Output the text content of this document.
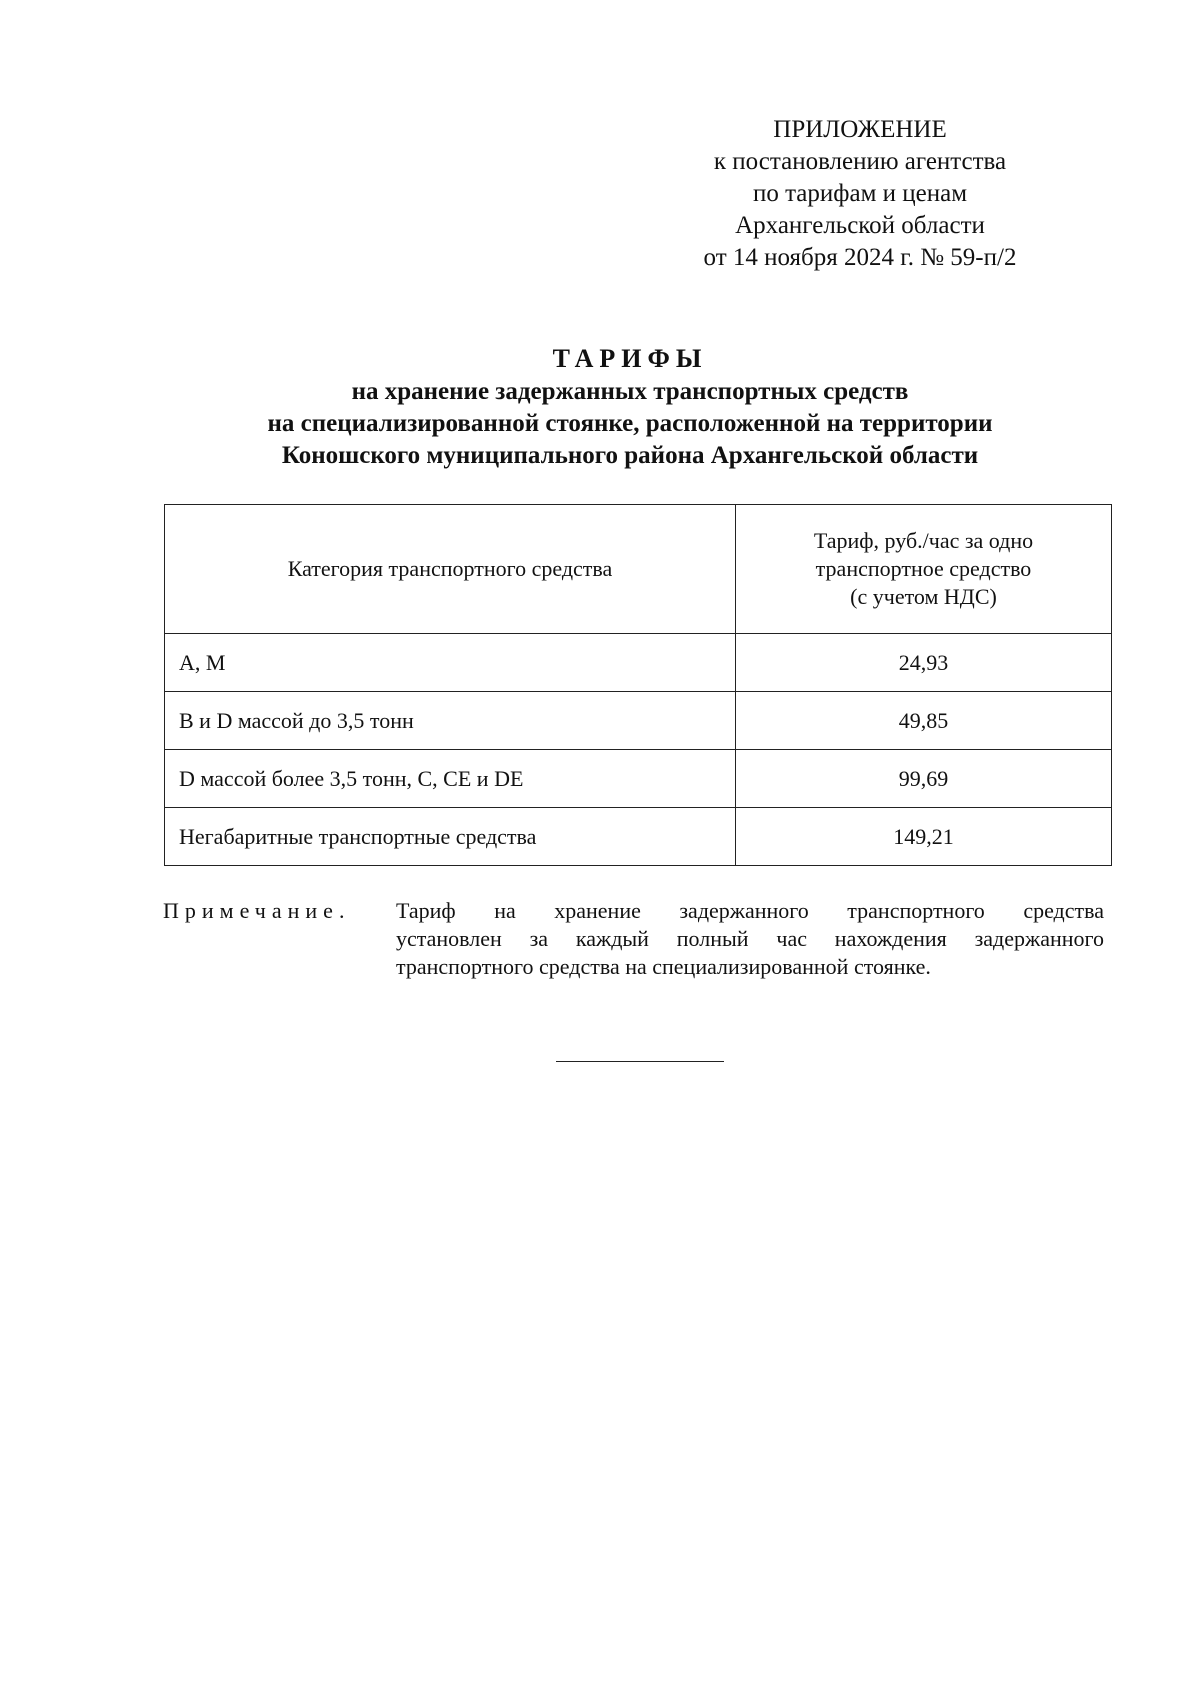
ПРИЛОЖЕНИЕ
к постановлению агентства
по тарифам и ценам
Архангельской области
от 14 ноября 2024 г. № 59-п/2
ТАРИФЫ
на хранение задержанных транспортных средств
на специализированной стоянке, расположенной на территории
Коношского муниципального района Архангельской области
Категория транспортного средства	Тариф, руб./час за одно
транспортное средство
(с учетом НДС)

A, M	24,93
B и D массой до 3,5 тонн	49,85
D массой более 3,5 тонн, C, CE и DE	99,69
Негабаритные транспортные средства	149,21
Примечание. Тариф на хранение задержанного транспортного средства
установлен за каждый полный час нахождения задержанного
транспортного средства на специализированной стоянке.
